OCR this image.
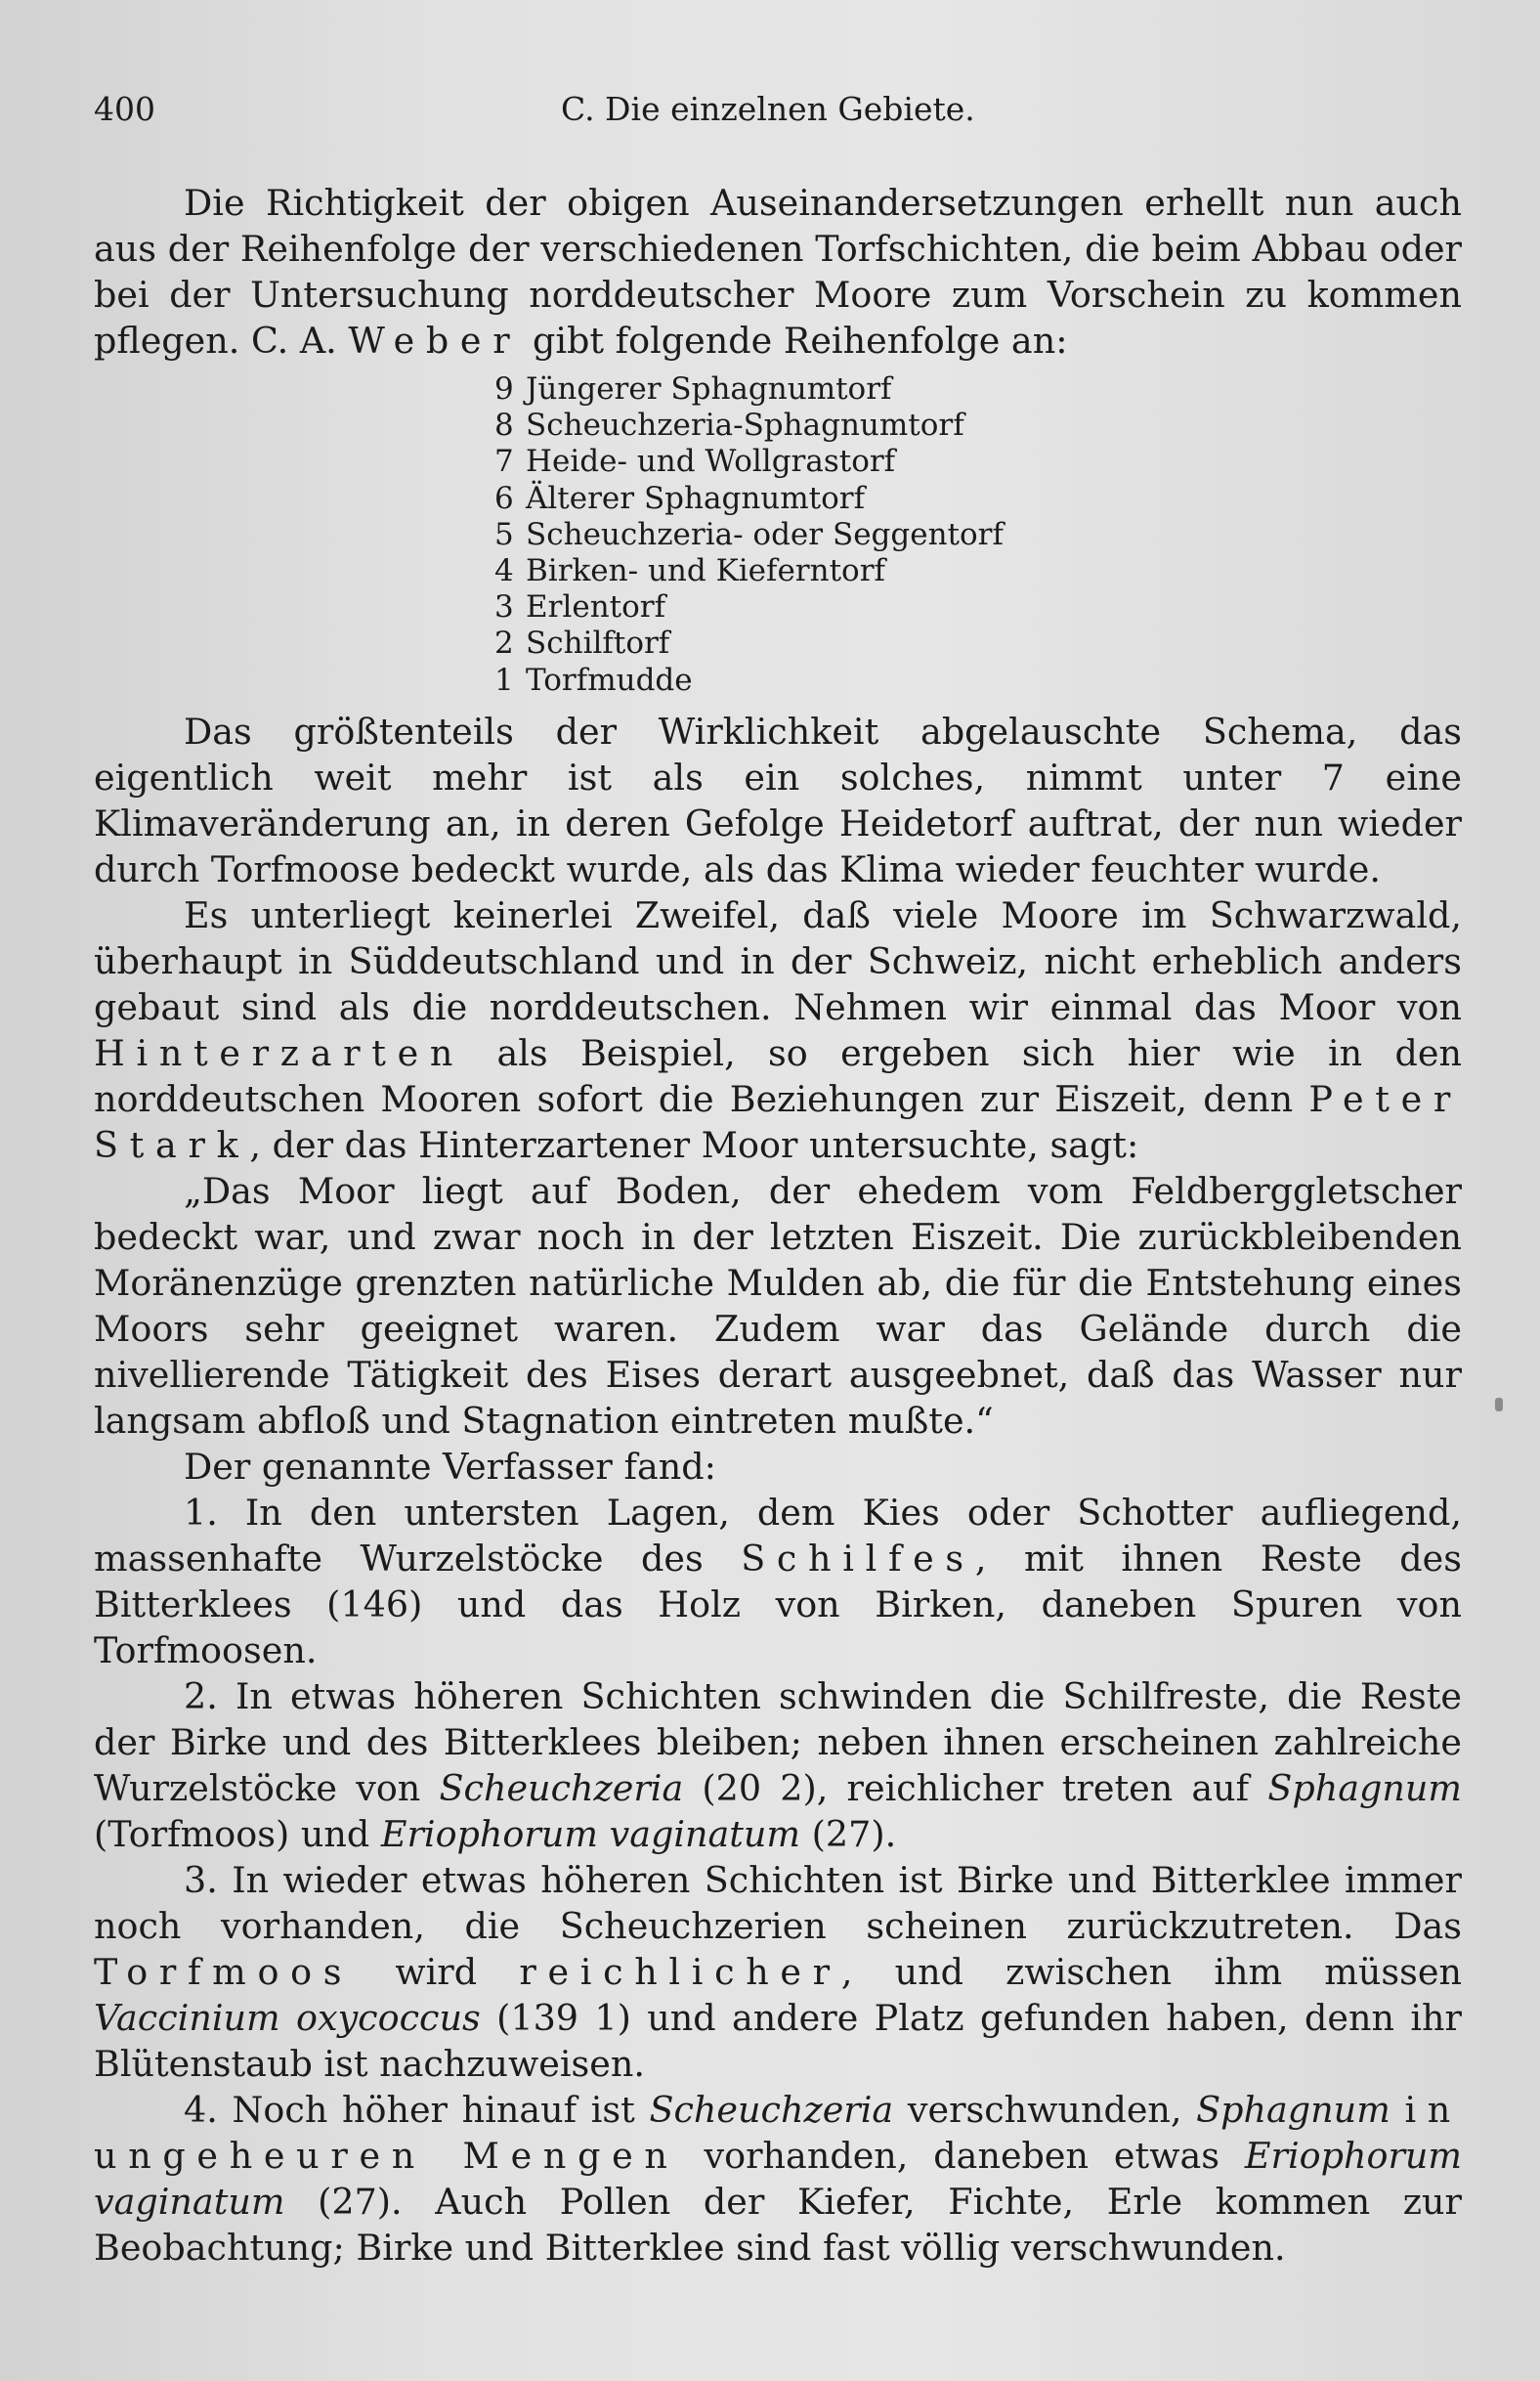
400	C. Die einzelnen Gebiete.

Die Richtigkeit der obigen Auseinandersetzungen erhellt nun auch aus der Reihenfolge der verschiedenen Torfschichten, die beim Abbau oder bei der Untersuchung norddeutscher Moore zum Vorschein zu kommen pflegen. C. A. Weber gibt folgende Reihenfolge an:

9 Jüngerer Sphagnumtorf
8 Scheuchzeria-Sphagnumtorf
7 Heide- und Wollgrastorf
6 Älterer Sphagnumtorf
5 Scheuchzeria- oder Seggentorf
4 Birken- und Kieferntorf
3 Erlentorf
2 Schilftorf
1 Torfmudde

Das größtenteils der Wirklichkeit abgelauschte Schema, das eigentlich weit mehr ist als ein solches, nimmt unter 7 eine Klimaveränderung an, in deren Gefolge Heidetorf auftrat, der nun wieder durch Torfmoose bedeckt wurde, als das Klima wieder feuchter wurde.

Es unterliegt keinerlei Zweifel, daß viele Moore im Schwarzwald, überhaupt in Süddeutschland und in der Schweiz, nicht erheblich anders gebaut sind als die norddeutschen. Nehmen wir einmal das Moor von Hinterzarten als Beispiel, so ergeben sich hier wie in den norddeutschen Mooren sofort die Beziehungen zur Eiszeit, denn Peter Stark, der das Hinterzartener Moor untersuchte, sagt:

„Das Moor liegt auf Boden, der ehedem vom Feldberggletscher bedeckt war, und zwar noch in der letzten Eiszeit. Die zurückbleibenden Moränenzüge grenzten natürliche Mulden ab, die für die Entstehung eines Moors sehr geeignet waren. Zudem war das Gelände durch die nivellierende Tätigkeit des Eises derart ausgeebnet, daß das Wasser nur langsam abfloß und Stagnation eintreten mußte.“

Der genannte Verfasser fand:

1. In den untersten Lagen, dem Kies oder Schotter aufliegend, massenhafte Wurzelstöcke des Schilfes, mit ihnen Reste des Bitterklees (146) und das Holz von Birken, daneben Spuren von Torfmoosen.

2. In etwas höheren Schichten schwinden die Schilfreste, die Reste der Birke und des Bitterklees bleiben; neben ihnen erscheinen zahlreiche Wurzelstöcke von Scheuchzeria (20 2), reichlicher treten auf Sphagnum (Torfmoos) und Eriophorum vaginatum (27).

3. In wieder etwas höheren Schichten ist Birke und Bitterklee immer noch vorhanden, die Scheuchzerien scheinen zurückzutreten. Das Torfmoos wird reichlicher, und zwischen ihm müssen Vaccinium oxycoccus (139 1) und andere Platz gefunden haben, denn ihr Blütenstaub ist nachzuweisen.

4. Noch höher hinauf ist Scheuchzeria verschwunden, Sphagnum in ungeheuren Mengen vorhanden, daneben etwas Eriophorum vaginatum (27). Auch Pollen der Kiefer, Fichte, Erle kommen zur Beobachtung; Birke und Bitterklee sind fast völlig verschwunden.
